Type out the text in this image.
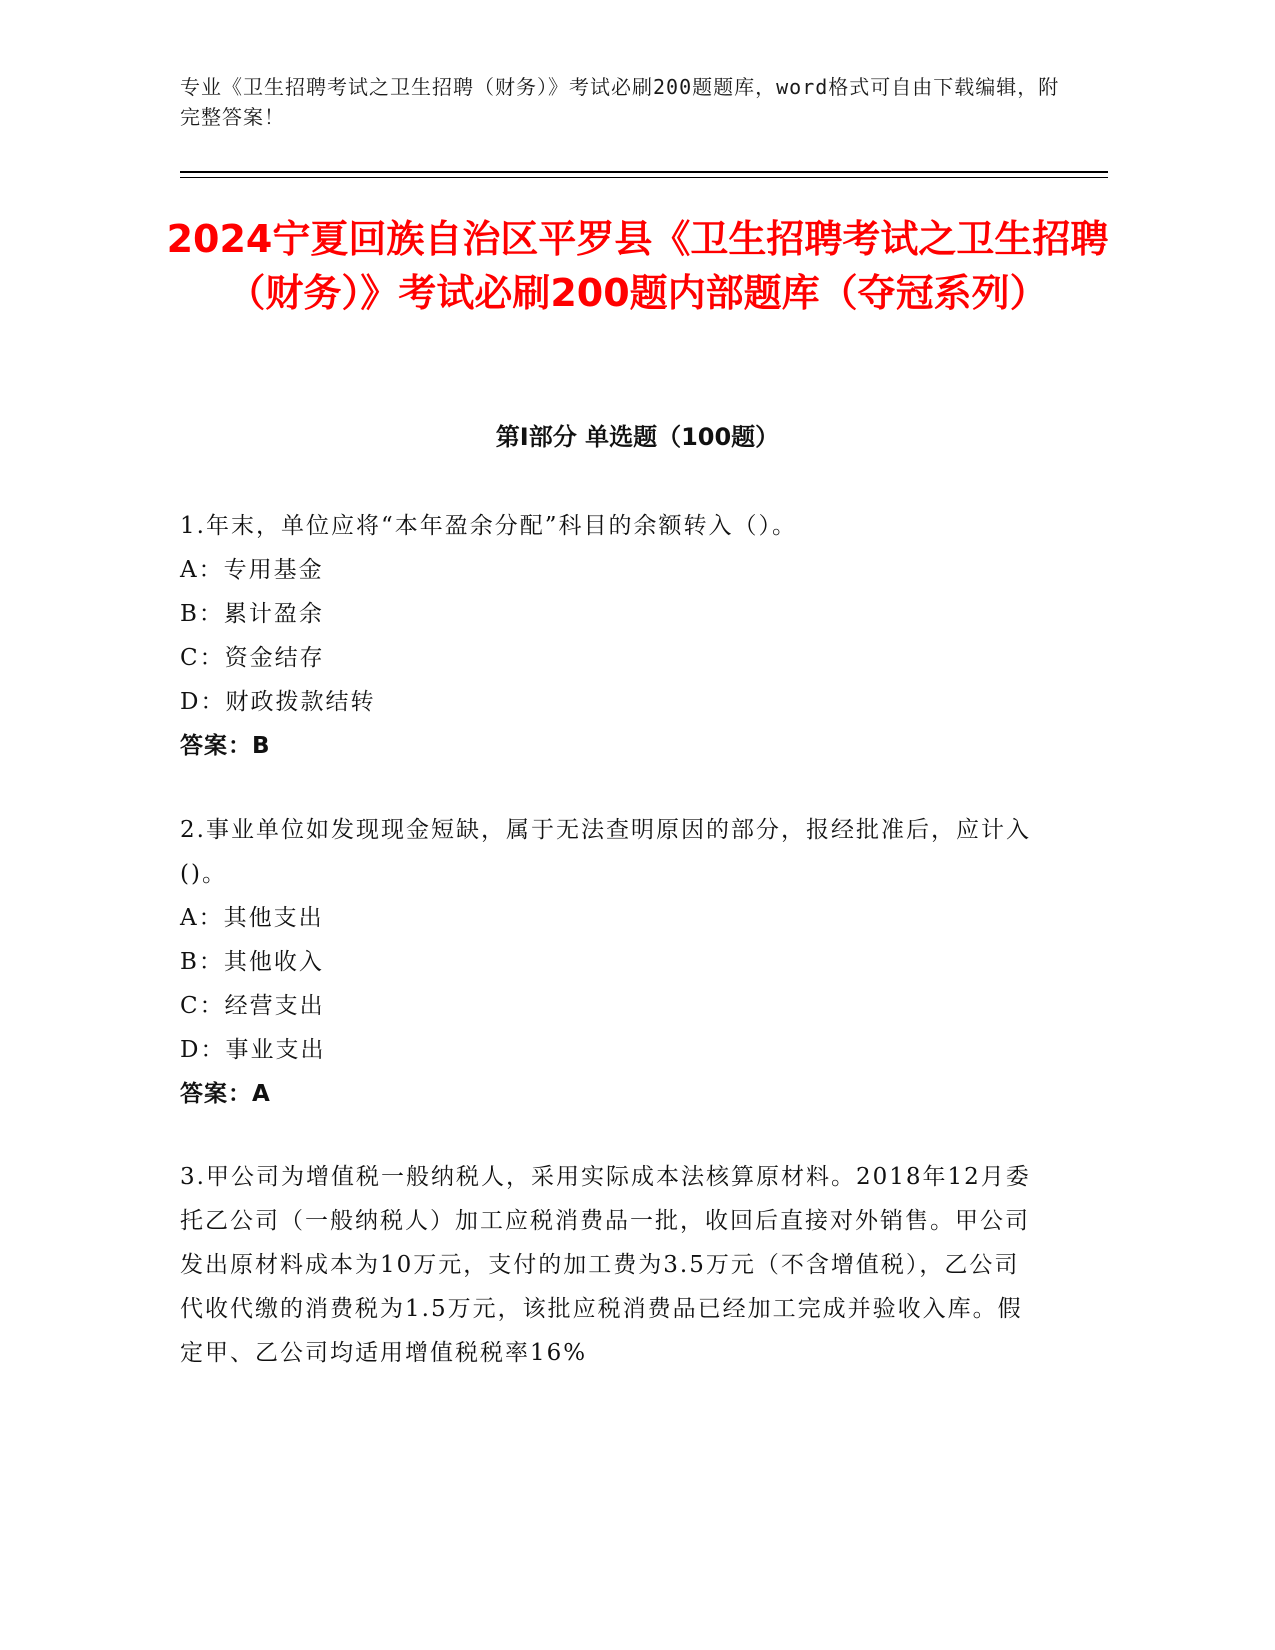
专业《卫生招聘考试之卫生招聘（财务）》考试必刷200题题库，word格式可自由下载编辑，附完整答案！
2024宁夏回族自治区平罗县《卫生招聘考试之卫生招聘（财务）》考试必刷200题内部题库（夺冠系列）
第Ⅰ部分 单选题（100题）
1.年末，单位应将“本年盈余分配”科目的余额转入（）。
A：专用基金
B：累计盈余
C：资金结存
D：财政拨款结转
答案：B
2.事业单位如发现现金短缺，属于无法查明原因的部分，报经批准后，应计入()。
A：其他支出
B：其他收入
C：经营支出
D：事业支出
答案：A
3.甲公司为增值税一般纳税人，采用实际成本法核算原材料。2018年12月委托乙公司（一般纳税人）加工应税消费品一批，收回后直接对外销售。甲公司发出原材料成本为10万元，支付的加工费为3.5万元（不含增值税），乙公司代收代缴的消费税为1.5万元，该批应税消费品已经加工完成并验收入库。假定甲、乙公司均适用增值税税率16%
